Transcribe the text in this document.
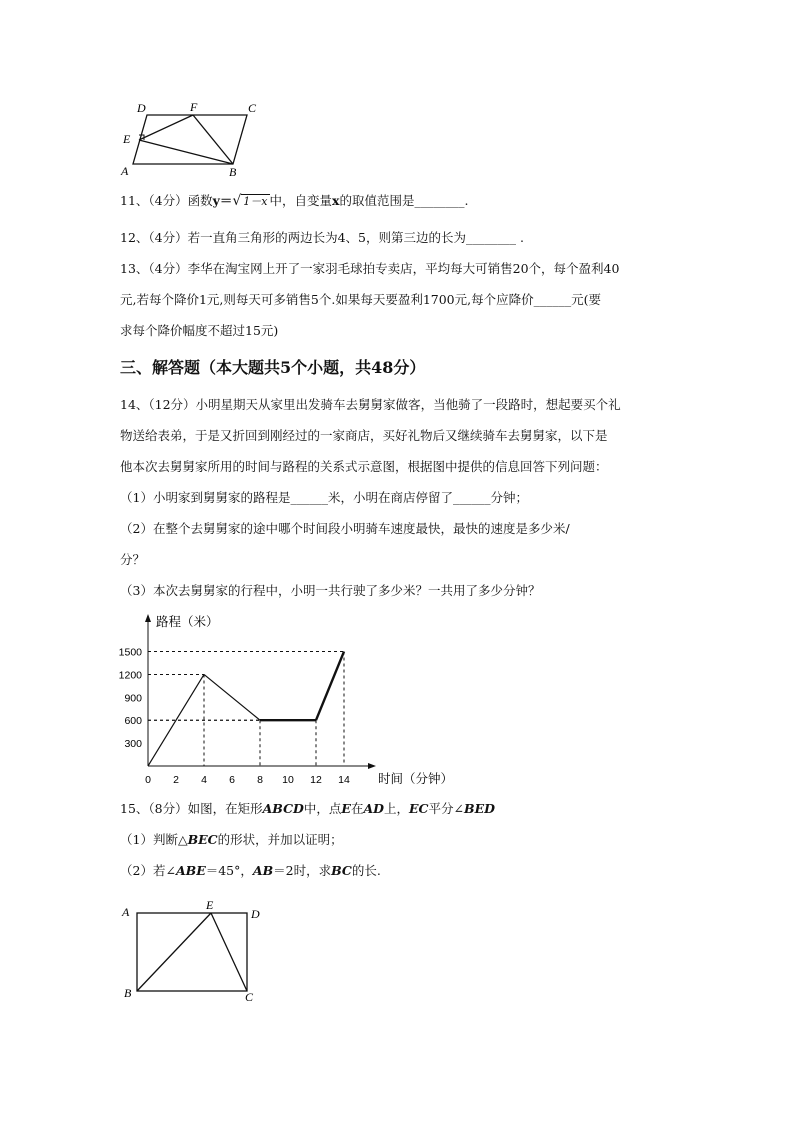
D	F	C
E
A	B
11、（4分）函数y＝√ 1－x 中，自变量x的取值范围是________.
12、（4分）若一直角三角形的两边长为4、5，则第三边的长为________ .
13、（4分）李华在淘宝网上开了一家羽毛球拍专卖店，平均每大可销售20个，每个盈利40
元,若每个降价1元,则每天可多销售5个.如果每天要盈利1700元,每个应降价______元(要
求每个降价幅度不超过15元)
三、解答题（本大题共5个小题，共48分）
14、（12分）小明星期天从家里出发骑车去舅舅家做客，当他骑了一段路时，想起要买个礼
物送给表弟，于是又折回到刚经过的一家商店，买好礼物后又继续骑车去舅舅家，以下是
他本次去舅舅家所用的时间与路程的关系式示意图，根据图中提供的信息回答下列问题：
（1）小明家到舅舅家的路程是______米，小明在商店停留了______分钟；
（2）在整个去舅舅家的途中哪个时间段小明骑车速度最快，最快的速度是多少米/
分？
（3）本次去舅舅家的行程中，小明一共行驶了多少米？一共用了多少分钟？
路程（米）
时间（分钟）
0 2 4 6 8 10 12 14
300
600
900
1200
1500
15、（8分）如图，在矩形ABCD中，点E在AD上，EC平分∠BED
（1）判断△BEC的形状，并加以证明；
（2）若∠ABE＝45°，AB＝2时，求BC的长.
A	E
D
B	C
